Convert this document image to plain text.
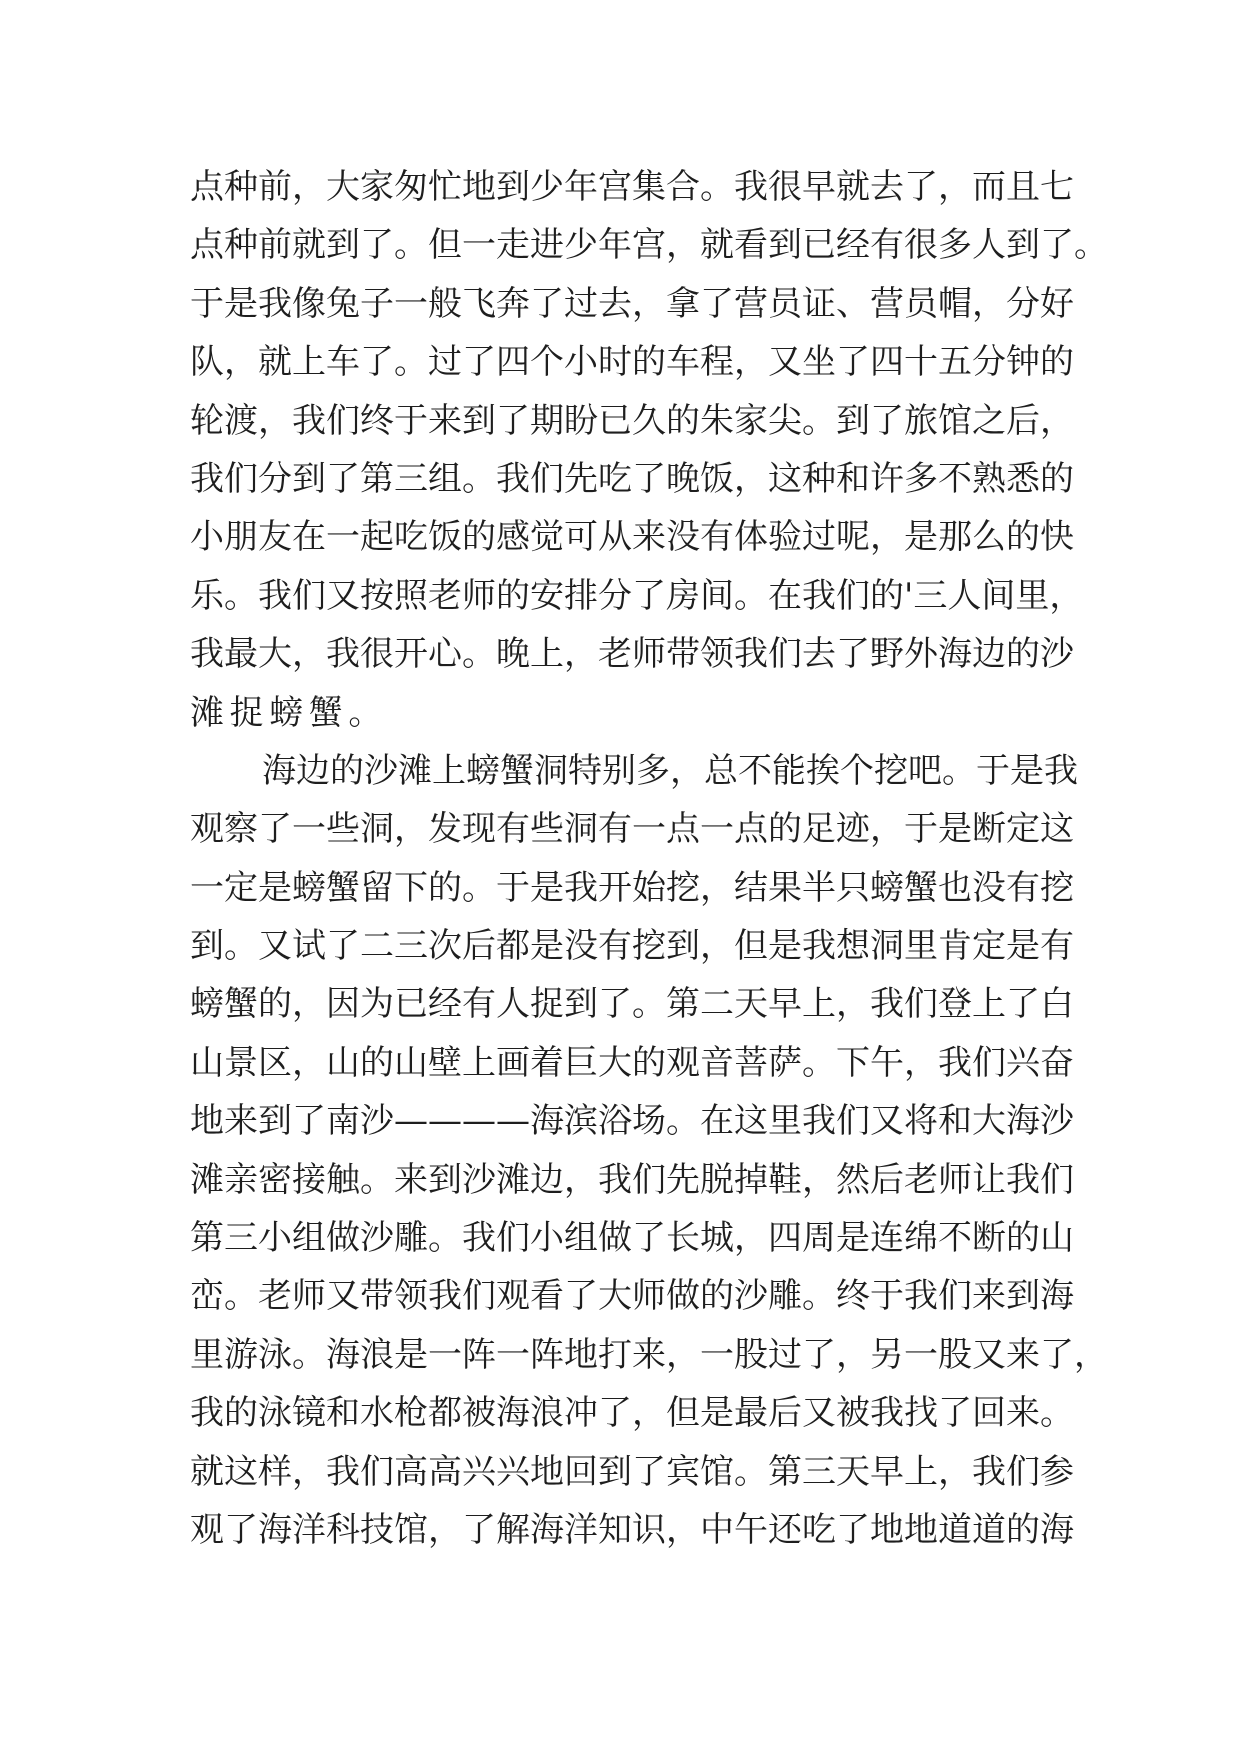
点种前，大家匆忙地到少年宫集合。我很早就去了，而且七
点种前就到了。但一走进少年宫，就看到已经有很多人到了。
于是我像兔子一般飞奔了过去，拿了营员证、营员帽，分好
队，就上车了。过了四个小时的车程，又坐了四十五分钟的
轮渡，我们终于来到了期盼已久的朱家尖。到了旅馆之后，
我们分到了第三组。我们先吃了晚饭，这种和许多不熟悉的
小朋友在一起吃饭的感觉可从来没有体验过呢，是那么的快
乐。我们又按照老师的安排分了房间。在我们的'三人间里，
我最大，我很开心。晚上，老师带领我们去了野外海边的沙
滩捉螃蟹。
海边的沙滩上螃蟹洞特别多，总不能挨个挖吧。于是我
观察了一些洞，发现有些洞有一点一点的足迹，于是断定这
一定是螃蟹留下的。于是我开始挖，结果半只螃蟹也没有挖
到。又试了二三次后都是没有挖到，但是我想洞里肯定是有
螃蟹的，因为已经有人捉到了。第二天早上，我们登上了白
山景区，山的山壁上画着巨大的观音菩萨。下午，我们兴奋
地来到了南沙————海滨浴场。在这里我们又将和大海沙
滩亲密接触。来到沙滩边，我们先脱掉鞋，然后老师让我们
第三小组做沙雕。我们小组做了长城，四周是连绵不断的山
峦。老师又带领我们观看了大师做的沙雕。终于我们来到海
里游泳。海浪是一阵一阵地打来，一股过了，另一股又来了，
我的泳镜和水枪都被海浪冲了，但是最后又被我找了回来。
就这样，我们高高兴兴地回到了宾馆。第三天早上，我们参
观了海洋科技馆，了解海洋知识，中午还吃了地地道道的海
